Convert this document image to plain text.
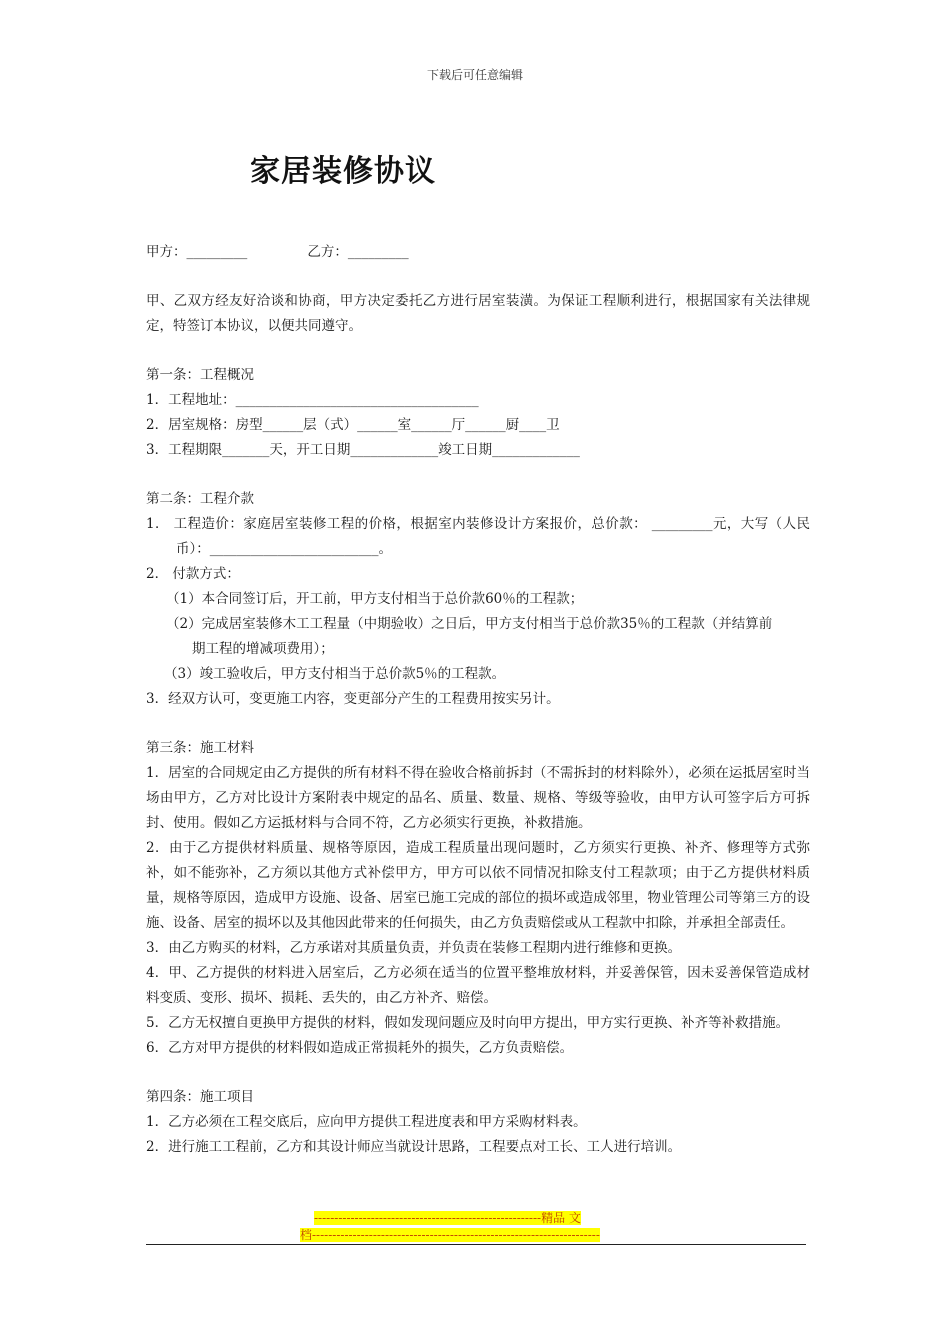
下载后可任意编辑
家居装修协议
甲方：_________              乙方：_________
甲、乙双方经友好洽谈和协商，甲方决定委托乙方进行居室装潢。为保证工程顺利进行，根据国家有关法律规定，特签订本协议，以便共同遵守。
第一条：工程概况
1．工程地址：____________________________________
2．居室规格：房型______层（式）______室______厅______厨____卫
3．工程期限_______天，开工日期_____________竣工日期_____________
第二条：工程介款
1． 工程造价：家庭居室装修工程的价格，根据室内装修设计方案报价，总价款： _________元，大写（人民币）：_________________________。
2． 付款方式：
（1）本合同签订后，开工前，甲方支付相当于总价款60％的工程款；
（2）完成居室装修木工工程量（中期验收）之日后，甲方支付相当于总价款35％的工程款（并结算前
期工程的增减项费用）；
（3）竣工验收后，甲方支付相当于总价款5％的工程款。
3．经双方认可，变更施工内容，变更部分产生的工程费用按实另计。
第三条：施工材料
1．居室的合同规定由乙方提供的所有材料不得在验收合格前拆封（不需拆封的材料除外），必须在运抵居室时当场由甲方，乙方对比设计方案附表中规定的品名、质量、数量、规格、等级等验收，由甲方认可签字后方可拆封、使用。假如乙方运抵材料与合同不符，乙方必须实行更换，补救措施。
2．由于乙方提供材料质量、规格等原因，造成工程质量出现问题时，乙方须实行更换、补齐、修理等方式弥补，如不能弥补，乙方须以其他方式补偿甲方，甲方可以依不同情况扣除支付工程款项；由于乙方提供材料质量，规格等原因，造成甲方设施、设备、居室已施工完成的部位的损坏或造成邻里，物业管理公司等第三方的设施、设备、居室的损坏以及其他因此带来的任何损失，由乙方负责赔偿或从工程款中扣除，并承担全部责任。
3．由乙方购买的材料，乙方承诺对其质量负责，并负责在装修工程期内进行维修和更换。
4．甲、乙方提供的材料进入居室后，乙方必须在适当的位置平整堆放材料，并妥善保管，因未妥善保管造成材料变质、变形、损坏、损耗、丢失的，由乙方补齐、赔偿。
5．乙方无权擅自更换甲方提供的材料，假如发现问题应及时向甲方提出，甲方实行更换、补齐等补救措施。
6．乙方对甲方提供的材料假如造成正常损耗外的损失，乙方负责赔偿。
第四条：施工项目
1．乙方必须在工程交底后，应向甲方提供工程进度表和甲方采购材料表。
2．进行施工工程前，乙方和其设计师应当就设计思路，工程要点对工长、工人进行培训。
--------------------------------------------------------精品 文
档-----------------------------------------------------------------------
